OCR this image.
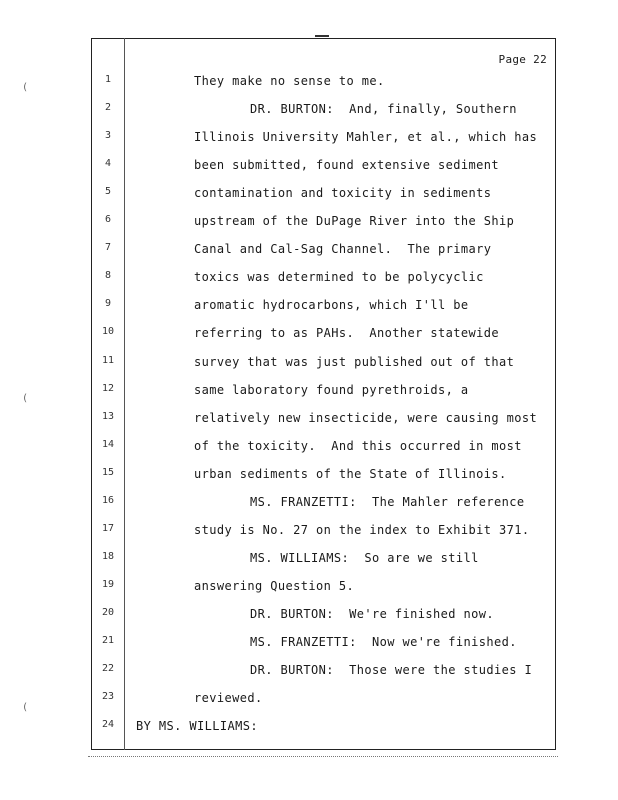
Page 22
1	They make no sense to me.
2	DR. BURTON:  And, finally, Southern
3	Illinois University Mahler, et al., which has
4	been submitted, found extensive sediment
5	contamination and toxicity in sediments
6	upstream of the DuPage River into the Ship
7	Canal and Cal-Sag Channel.  The primary
8	toxics was determined to be polycyclic
9	aromatic hydrocarbons, which I'll be
10	referring to as PAHs.  Another statewide
11	survey that was just published out of that
12	same laboratory found pyrethroids, a
13	relatively new insecticide, were causing most
14	of the toxicity.  And this occurred in most
15	urban sediments of the State of Illinois.
16	MS. FRANZETTI:  The Mahler reference
17	study is No. 27 on the index to Exhibit 371.
18	MS. WILLIAMS:  So are we still
19	answering Question 5.
20	DR. BURTON:  We're finished now.
21	MS. FRANZETTI:  Now we're finished.
22	DR. BURTON:  Those were the studies I
23	reviewed.
24	BY MS. WILLIAMS:
(
(
(
